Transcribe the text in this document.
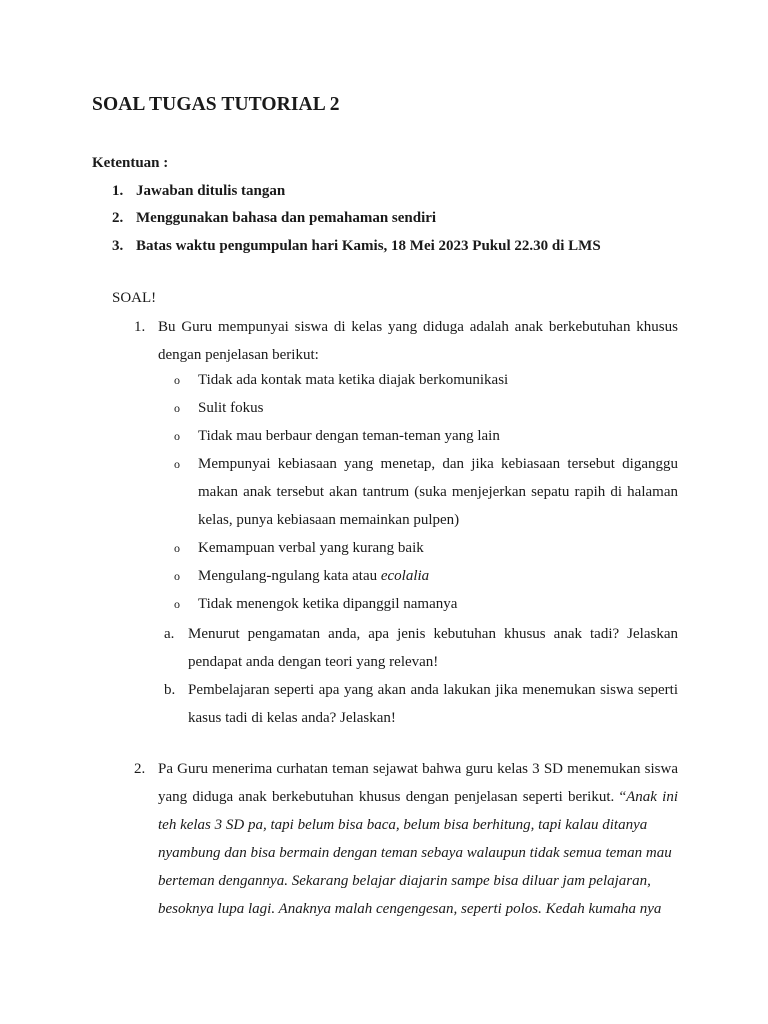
SOAL TUGAS TUTORIAL 2
Ketentuan :
1. Jawaban ditulis tangan
2. Menggunakan bahasa dan pemahaman sendiri
3. Batas waktu pengumpulan hari Kamis, 18 Mei 2023 Pukul 22.30 di LMS
SOAL!
1. Bu Guru mempunyai siswa di kelas yang diduga adalah anak berkebutuhan khusus
dengan penjelasan berikut:
o Tidak ada kontak mata ketika diajak berkomunikasi
o Sulit fokus
o Tidak mau berbaur dengan teman-teman yang lain
o Mempunyai kebiasaan yang menetap, dan jika kebiasaan tersebut diganggu
makan anak tersebut akan tantrum (suka menjejerkan sepatu rapih di halaman
kelas, punya kebiasaan memainkan pulpen)
o Kemampuan verbal yang kurang baik
o Mengulang-ngulang kata atau ecolalia
o Tidak menengok ketika dipanggil namanya
a. Menurut pengamatan anda, apa jenis kebutuhan khusus anak tadi? Jelaskan
pendapat anda dengan teori yang relevan!
b. Pembelajaran seperti apa yang akan anda lakukan jika menemukan siswa seperti
kasus tadi di kelas anda? Jelaskan!
2. Pa Guru menerima curhatan teman sejawat bahwa guru kelas 3 SD menemukan siswa
yang diduga anak berkebutuhan khusus dengan penjelasan seperti berikut. “Anak ini
teh kelas 3 SD pa, tapi belum bisa baca, belum bisa berhitung, tapi kalau ditanya
nyambung dan bisa bermain dengan teman sebaya walaupun tidak semua teman mau
berteman dengannya. Sekarang belajar diajarin sampe bisa diluar jam pelajaran,
besoknya lupa lagi. Anaknya malah cengengesan, seperti polos. Kedah kumaha nya
